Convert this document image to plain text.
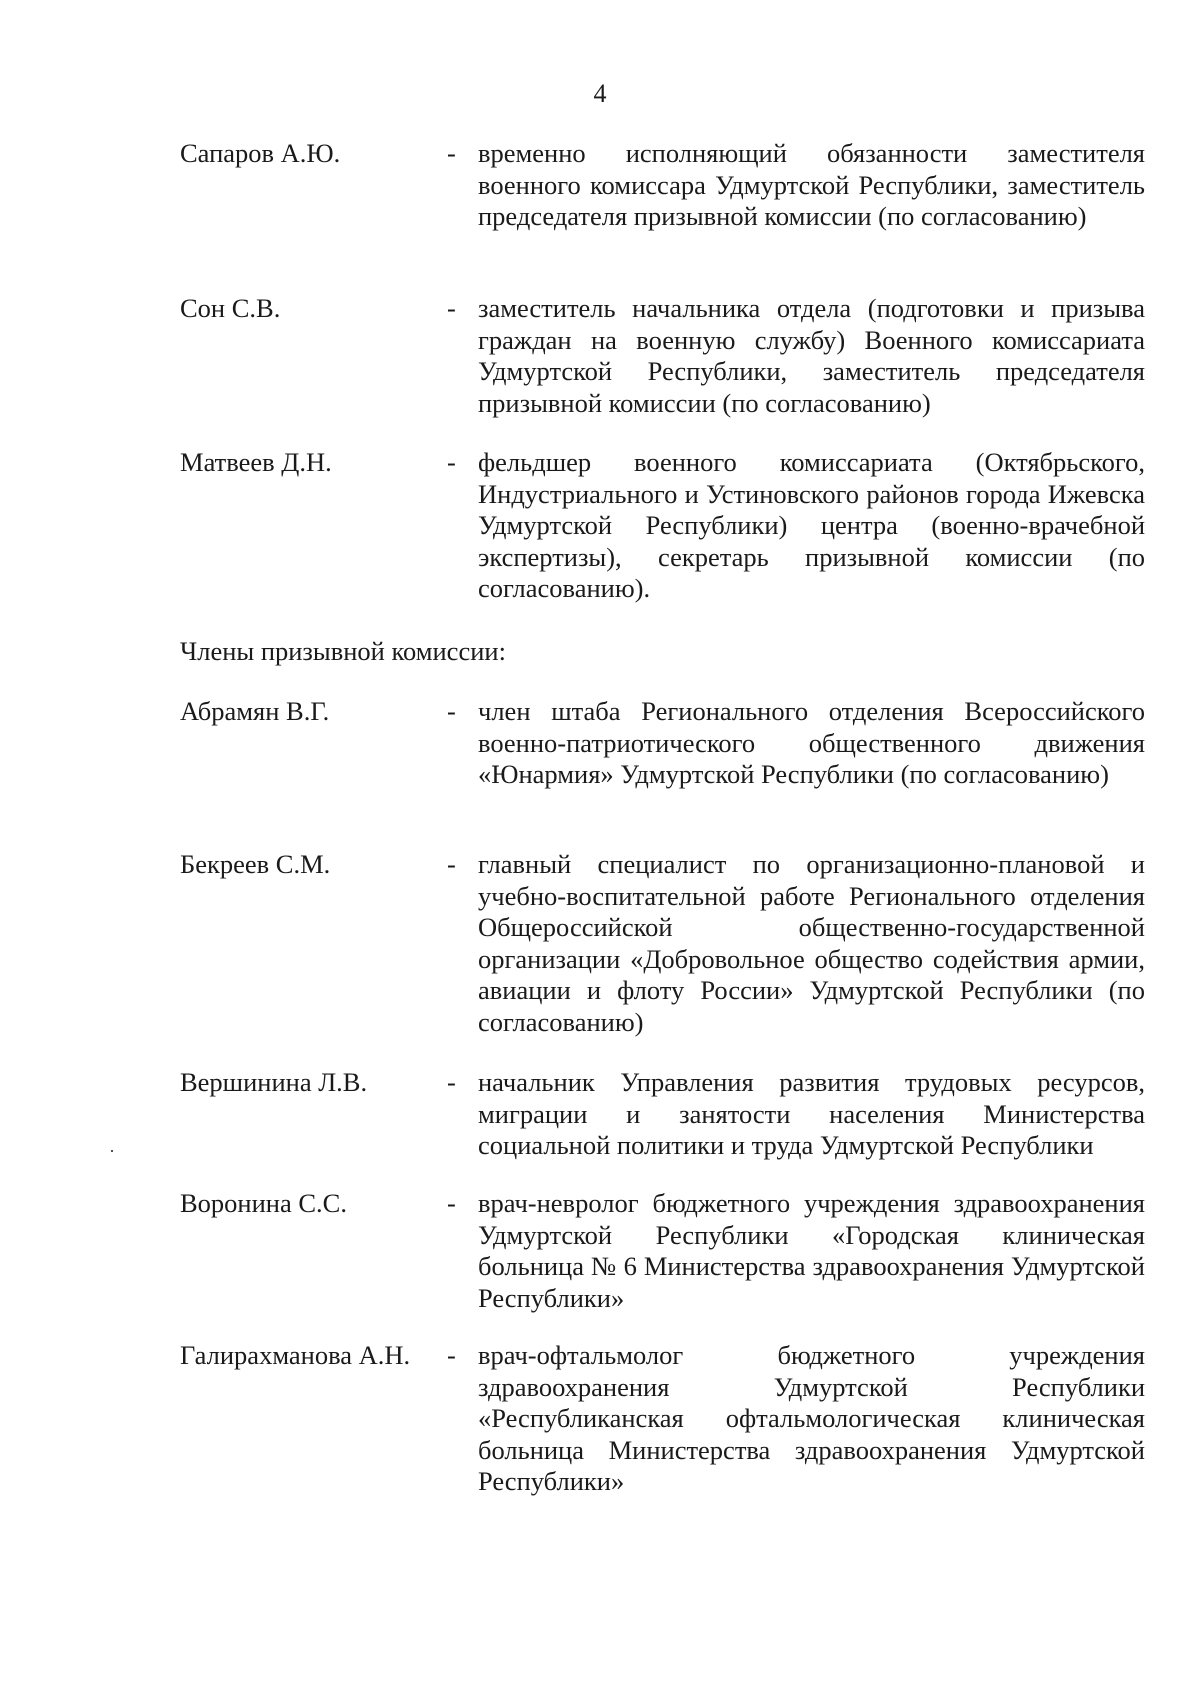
4
Сапаров А.Ю.	- временно исполняющий обязанности заместителя военного комиссара Удмуртской Республики, заместитель председателя призывной комиссии (по согласованию)
Сон С.В.	- заместитель начальника отдела (подготовки и призыва граждан на военную службу) Военного комиссариата Удмуртской Республики, заместитель председателя призывной комиссии (по согласованию)
Матвеев Д.Н.	- фельдшер военного комиссариата (Октябрьского, Индустриального и Устиновского районов города Ижевска Удмуртской Республики) центра (военно-врачебной экспертизы), секретарь призывной комиссии (по согласованию).
Члены призывной комиссии:
Абрамян В.Г.	- член штаба Регионального отделения Всероссийского военно-патриотического общественного движения «Юнармия» Удмуртской Республики (по согласованию)
Бекреев С.М.	- главный специалист по организационно-плановой и учебно-воспитательной работе Регионального отделения Общероссийской общественно-государственной организации «Добровольное общество содействия армии, авиации и флоту России» Удмуртской Республики (по согласованию)
Вершинина Л.В.	- начальник Управления развития трудовых ресурсов, миграции и занятости населения Министерства социальной политики и труда Удмуртской Республики
Воронина С.С.	- врач-невролог бюджетного учреждения здравоохранения Удмуртской Республики «Городская клиническая больница № 6 Министерства здравоохранения Удмуртской Республики»
Галирахманова А.Н.	- врач-офтальмолог бюджетного учреждения здравоохранения Удмуртской Республики «Республиканская офтальмологическая клиническая больница Министерства здравоохранения Удмуртской Республики»
